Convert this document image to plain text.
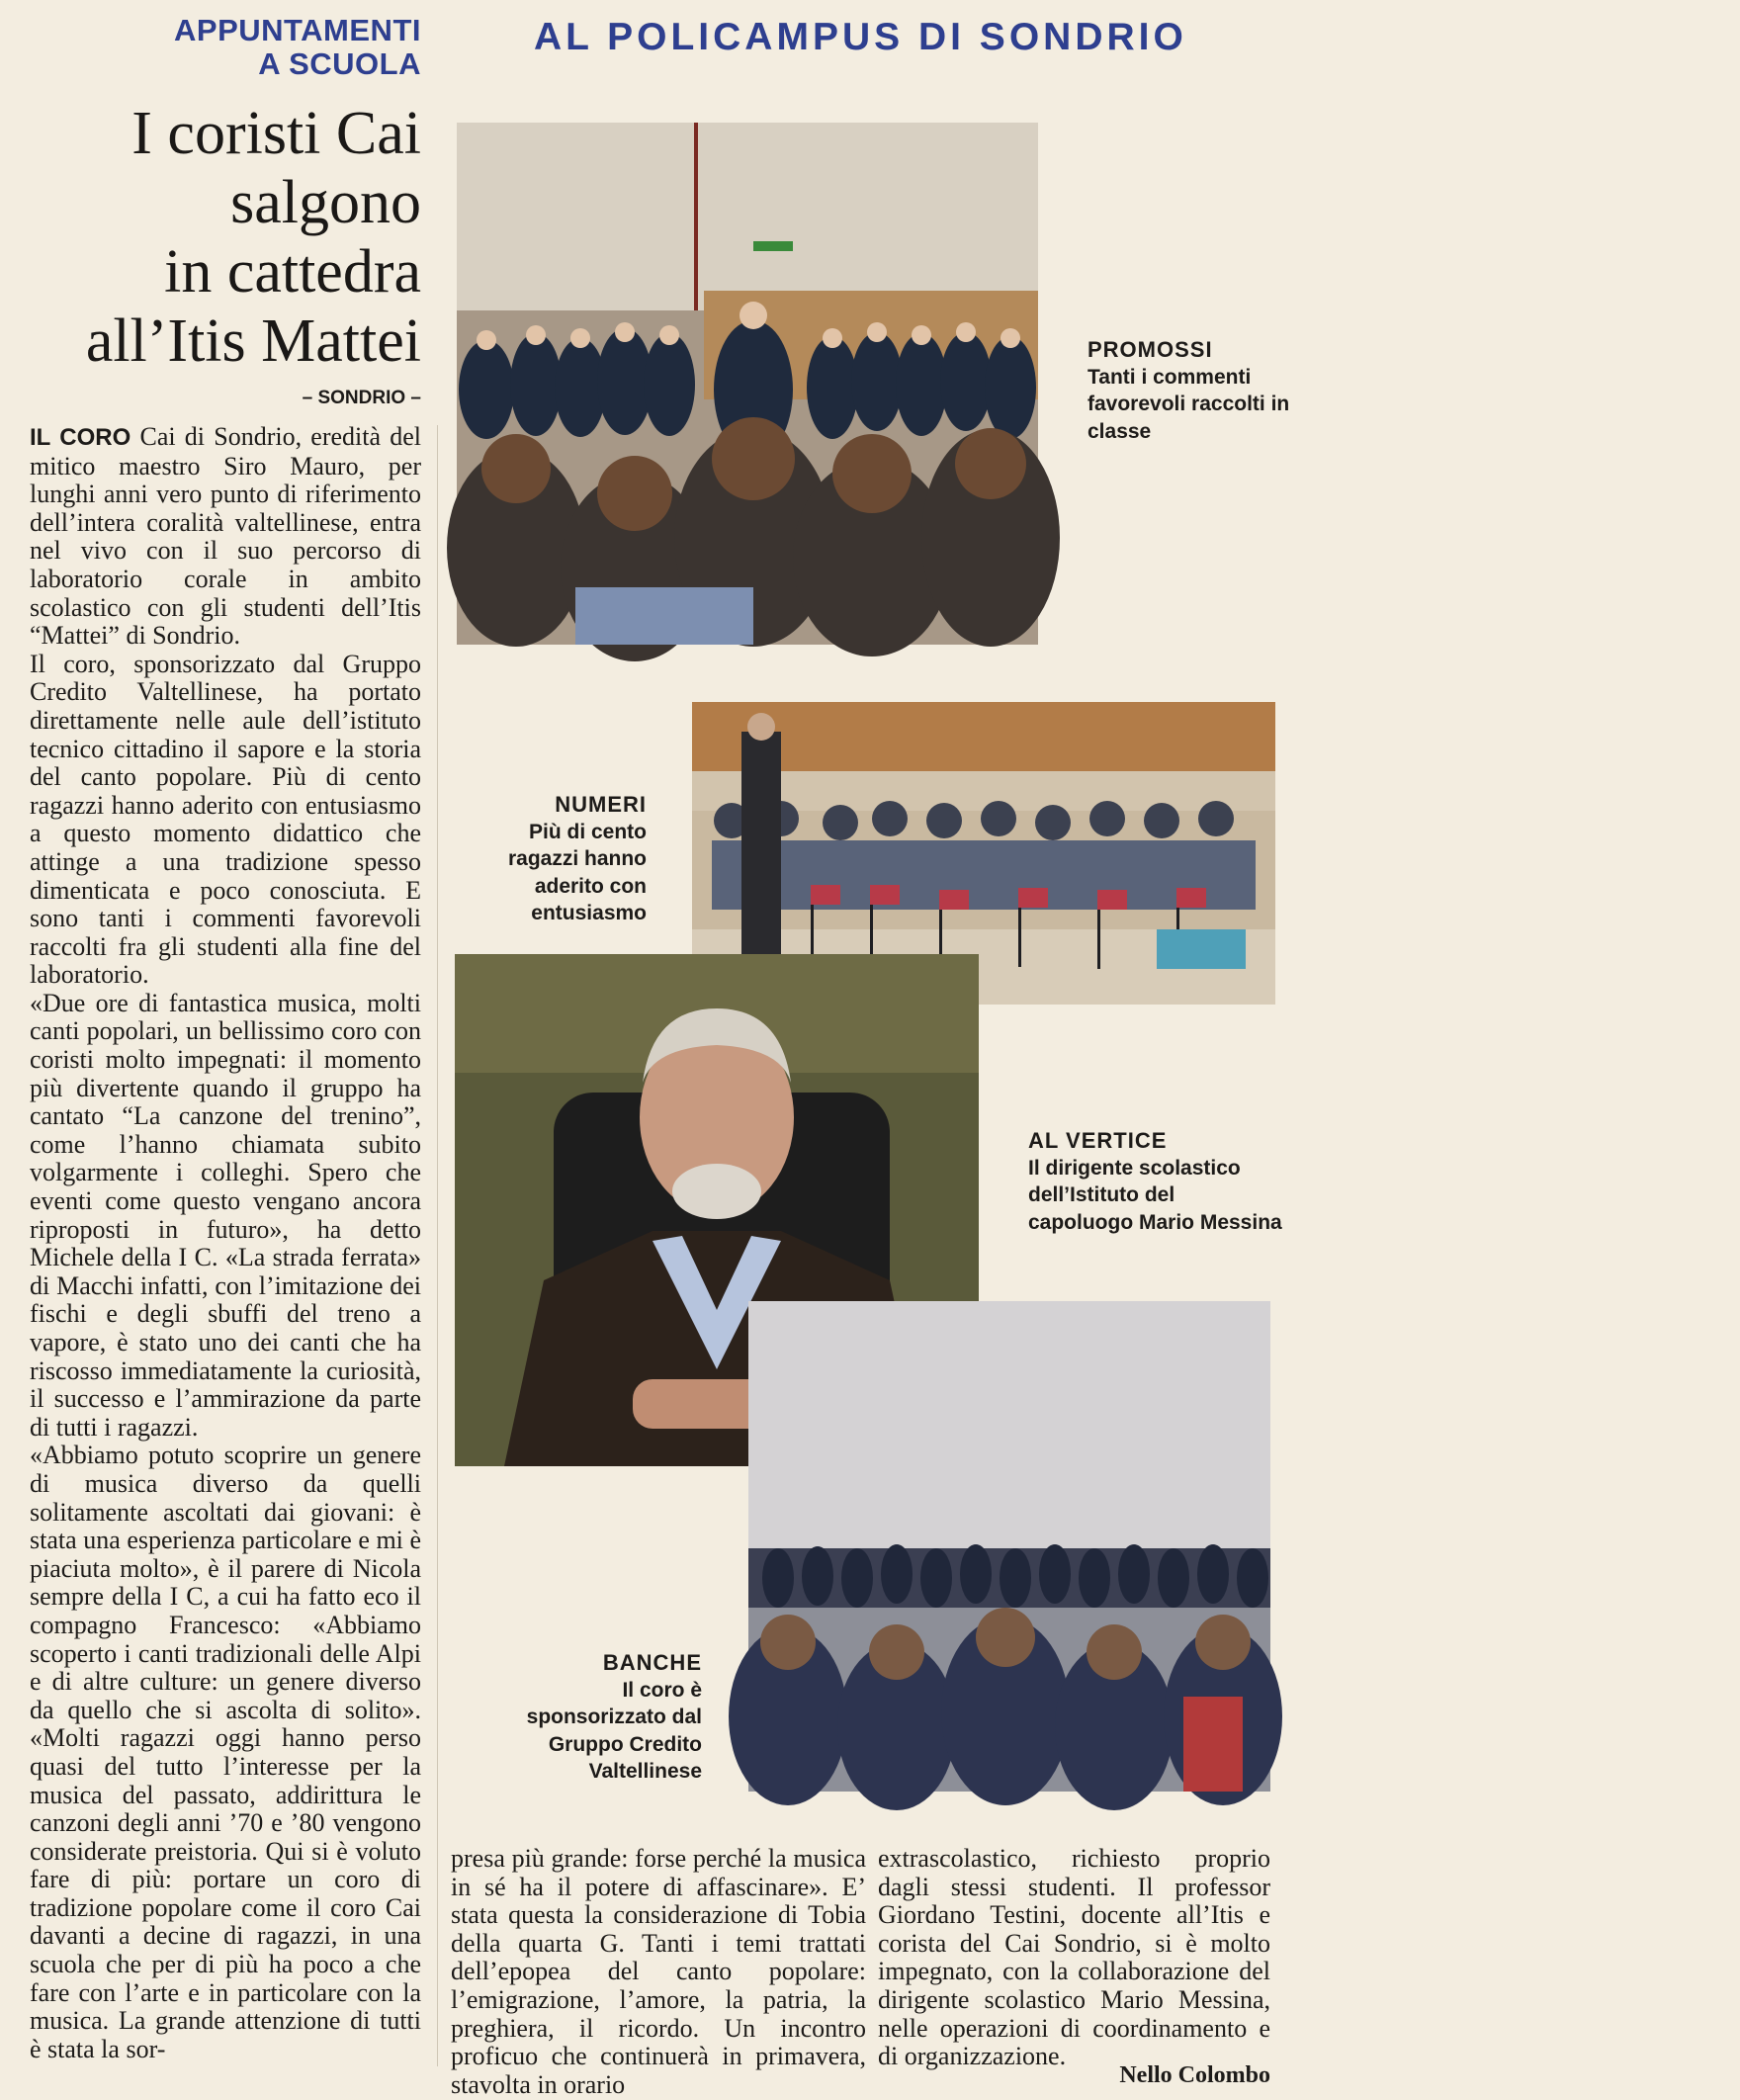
APPUNTAMENTI
A SCUOLA
AL POLICAMPUS DI SONDRIO
I coristi Cai
salgono
in cattedra
all’Itis Mattei
– SONDRIO –

IL CORO Cai di Sondrio, eredità del mitico maestro Siro Mauro, per lunghi anni vero punto di riferimento dell’intera coralità valtellinese, entra nel vivo con il suo percorso di laboratorio corale in ambito scolastico con gli studenti dell’Itis “Mattei” di Sondrio.

Il coro, sponsorizzato dal Gruppo Credito Valtellinese, ha portato direttamente nelle aule dell’istituto tecnico cittadino il sapore e la storia del canto popolare. Più di cento ragazzi hanno aderito con entusiasmo a questo momento didattico che attinge a una tradizione spesso dimenticata e poco conosciuta. E sono tanti i commenti favorevoli raccolti fra gli studenti alla fine del laboratorio.

«Due ore di fantastica musica, molti canti popolari, un bellissimo coro con coristi molto impegnati: il momento più divertente quando il gruppo ha cantato “La canzone del trenino”, come l’hanno chiamata subito volgarmente i colleghi. Spero che eventi come questo vengano ancora riproposti in futuro», ha detto Michele della I C. «La strada ferrata» di Macchi infatti, con l’imitazione dei fischi e degli sbuffi del treno a vapore, è stato uno dei canti che ha riscosso immediatamente la curiosità, il successo e l’ammirazione da parte di tutti i ragazzi.

«Abbiamo potuto scoprire un genere di musica diverso da quelli solitamente ascoltati dai giovani: è stata una esperienza particolare e mi è piaciuta molto», è il parere di Nicola sempre della I C, a cui ha fatto eco il compagno Francesco: «Abbiamo scoperto i canti tradizionali delle Alpi e di altre culture: un genere diverso da quello che si ascolta di solito». «Molti ragazzi oggi hanno perso quasi del tutto l’interesse per la musica del passato, addirittura le canzoni degli anni ’70 e ’80 vengono considerate preistoria. Qui si è voluto fare di più: portare un coro di tradizione popolare come il coro Cai davanti a decine di ragazzi, in una scuola che per di più ha poco a che fare con l’arte e in particolare con la musica. La grande attenzione di tutti è stata la sor-

presa più grande: forse perché la musica in sé ha il potere di affascinare». E’ stata questa la considerazione di Tobia della quarta G. Tanti i temi trattati dell’epopea del canto popolare: l’emigrazione, l’amore, la patria, la preghiera, il ricordo. Un incontro proficuo che continuerà in primavera, stavolta in orario

extrascolastico, richiesto proprio dagli stessi studenti. Il professor Giordano Testini, docente all’Itis e corista del Cai Sondrio, si è molto impegnato, con la collaborazione del dirigente scolastico Mario Messina, nelle operazioni di coordinamento e di organizzazione.

Nello Colombo
PROMOSSI
Tanti i commenti favorevoli raccolti in classe
NUMERI
Più di cento ragazzi hanno aderito con entusiasmo
AL VERTICE
Il dirigente scolastico dell’Istituto del capoluogo Mario Messina
BANCHE
Il coro è sponsorizzato dal Gruppo Credito Valtellinese
